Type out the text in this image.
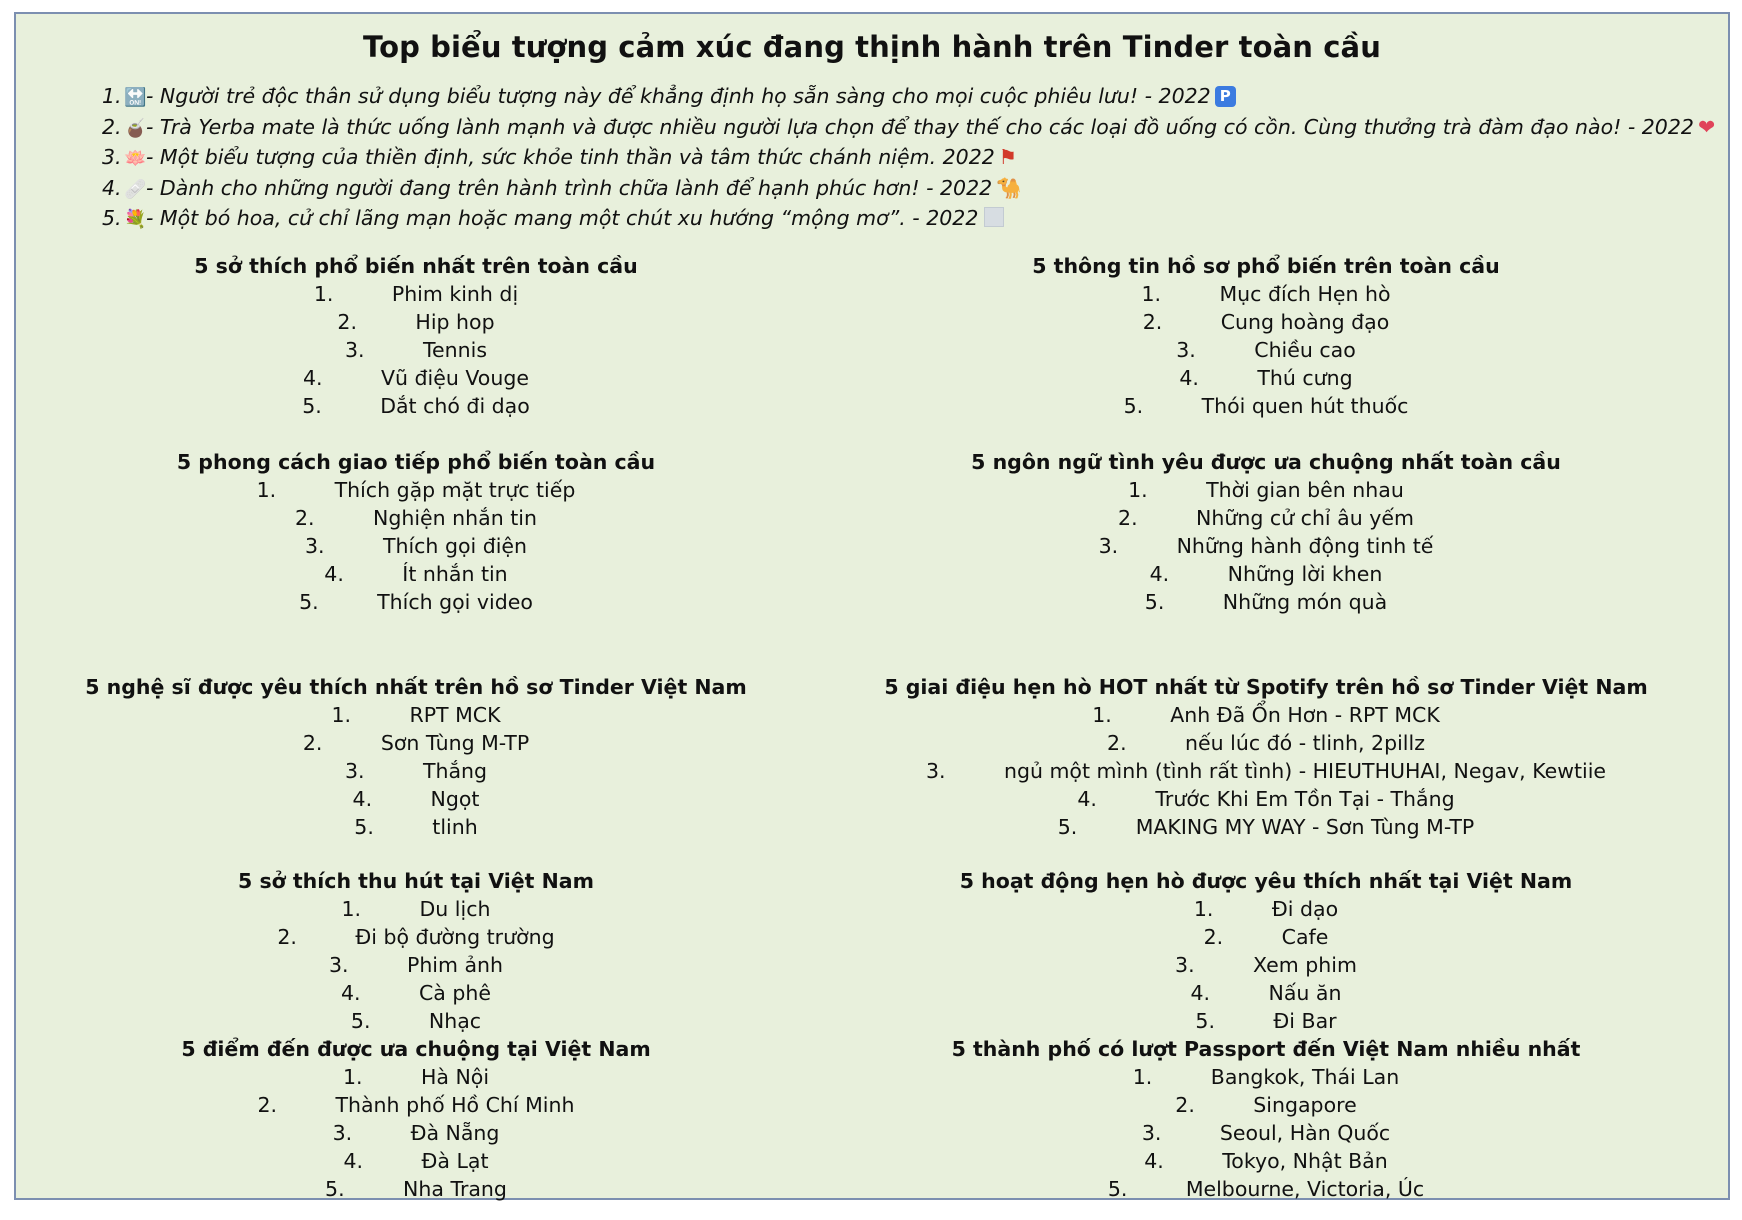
Top biểu tượng cảm xúc đang thịnh hành trên Tinder toàn cầu
1. 🔛- Người trẻ độc thân sử dụng biểu tượng này để khẳng định họ sẵn sàng cho mọi cuộc phiêu lưu! - 2022 P
2. 🧉- Trà Yerba mate là thức uống lành mạnh và được nhiều người lựa chọn để thay thế cho các loại đồ uống có cồn. Cùng thưởng trà đàm đạo nào! - 2022 ❤
3. 🪷- Một biểu tượng của thiền định, sức khỏe tinh thần và tâm thức chánh niệm. 2022 ⚑
4. 🩹- Dành cho những người đang trên hành trình chữa lành để hạnh phúc hơn! - 2022 🐪
5. 💐- Một bó hoa, cử chỉ lãng mạn hoặc mang một chút xu hướng “mộng mơ”. - 2022
5 sở thích phổ biến nhất trên toàn cầu
1.	Phim kinh dị
2.	Hip hop
3.	Tennis
4.	Vũ điệu Vouge
5.	Dắt chó đi dạo
5 thông tin hồ sơ phổ biến trên toàn cầu
1.	Mục đích Hẹn hò
2.	Cung hoàng đạo
3.	Chiều cao
4.	Thú cưng
5.	Thói quen hút thuốc
5 phong cách giao tiếp phổ biến toàn cầu
1.	Thích gặp mặt trực tiếp
2.	Nghiện nhắn tin
3.	Thích gọi điện
4.	Ít nhắn tin
5.	Thích gọi video
5 ngôn ngữ tình yêu được ưa chuộng nhất toàn cầu
1.	Thời gian bên nhau
2.	Những cử chỉ âu yếm
3.	Những hành động tinh tế
4.	Những lời khen
5.	Những món quà
5 nghệ sĩ được yêu thích nhất trên hồ sơ Tinder Việt Nam
1.	RPT MCK
2.	Sơn Tùng M-TP
3.	Thắng
4.	Ngọt
5.	tlinh
5 giai điệu hẹn hò HOT nhất từ Spotify trên hồ sơ Tinder Việt Nam
1.	Anh Đã Ổn Hơn - RPT MCK
2.	nếu lúc đó - tlinh, 2pillz
3.	ngủ một mình (tình rất tình) - HIEUTHUHAI, Negav, Kewtiie
4.	Trước Khi Em Tồn Tại - Thắng
5.	MAKING MY WAY - Sơn Tùng M-TP
5 sở thích thu hút tại Việt Nam
1.	Du lịch
2.	Đi bộ đường trường
3.	Phim ảnh
4.	Cà phê
5.	Nhạc
5 hoạt động hẹn hò được yêu thích nhất tại Việt Nam
1.	Đi dạo
2.	Cafe
3.	Xem phim
4.	Nấu ăn
5.	Đi Bar
5 điểm đến được ưa chuộng tại Việt Nam
1.	Hà Nội
2.	Thành phố Hồ Chí Minh
3.	Đà Nẵng
4.	Đà Lạt
5.	Nha Trang
5 thành phố có lượt Passport đến Việt Nam nhiều nhất
1.	Bangkok, Thái Lan
2.	Singapore
3.	Seoul, Hàn Quốc
4.	Tokyo, Nhật Bản
5.	Melbourne, Victoria, Úc
